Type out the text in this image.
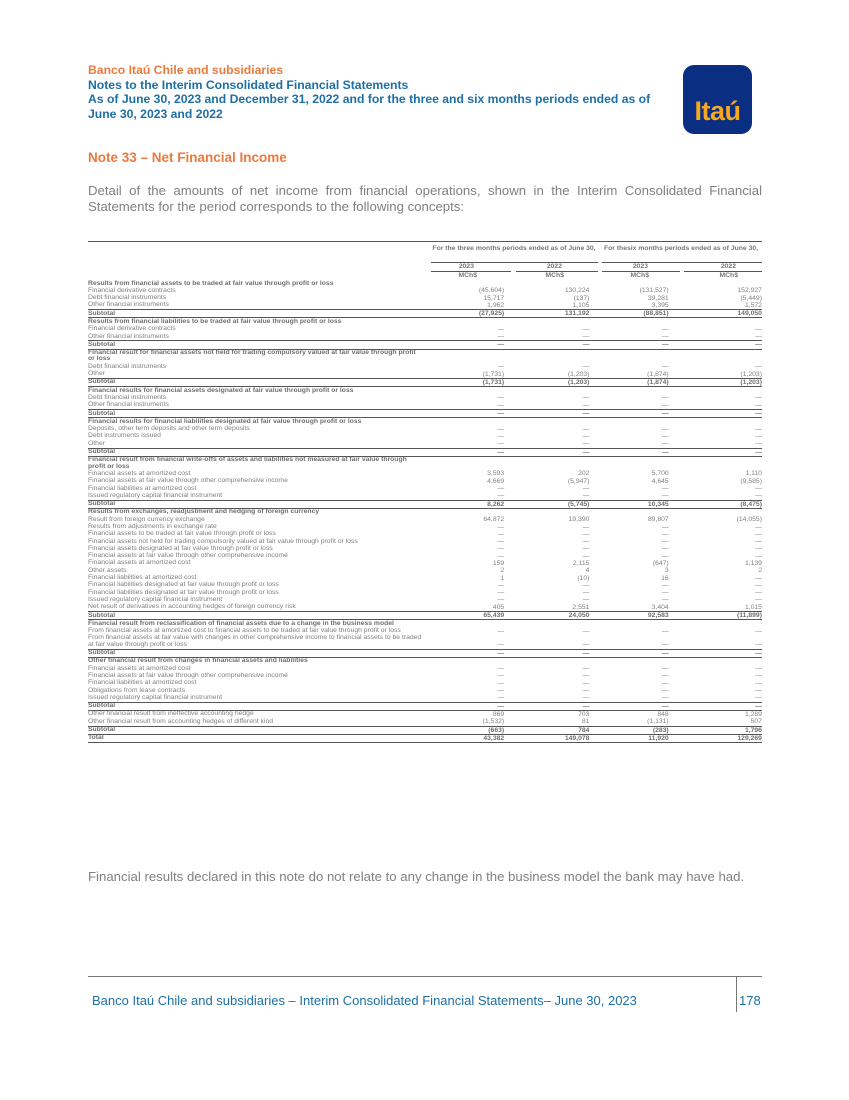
Banco Itaú Chile and subsidiaries
Notes to the Interim Consolidated Financial Statements
As of June 30, 2023 and December 31, 2022 and for the three and six months periods ended as of June 30, 2023 and 2022	Itaú
Note 33 – Net Financial Income
Detail of the amounts of net income from financial operations, shown in the Interim Consolidated Financial Statements for the period corresponds to the following concepts:
For the three months periods ended as of June 30,	For thesix months periods ended as of June 30,
2023	2022	2023	2022
MCh$	MCh$	MCh$	MCh$
Results from financial assets to be traded at fair value through profit or loss
Financial derivative contracts	(45,604)	130,224	(131,527)	152,927
Debt financial instruments	15,717	(137)	39,281	(5,449)
Other financial instruments	1,962	1,105	3,395	1,572
Subtotal	(27,925)	131,192	(88,851)	149,050
Results from financial liabilities to be traded at fair value through profit or loss
Financial derivative contracts	—	—	—	—
Other financial instruments	—	—	—	—
Subtotal	—	—	—	—
Financial result for financial assets not held for trading compulsory valued at fair value through profit or loss
Debt financial instruments	—	—	—	—
Other	(1,731)	(1,203)	(1,874)	(1,203)
Subtotal	(1,731)	(1,203)	(1,874)	(1,203)
Financial results for financial assets designated at fair value through profit or loss
Debt financial instruments	—	—	—	—
Other financial instruments	—	—	—	—
Subtotal	—	—	—	—
Financial results for financial liabilities designated at fair value through profit or loss
Deposits, other term deposits and other term deposits	—	—	—	—
Debt instruments issued	—	—	—	—
Other	—	—	—	—
Subtotal	—	—	—	—
Financial result from financial write-offs of assets and liabilities not measured at fair value through profit or loss
Financial assets at amortized cost	3,593	202	5,700	1,110
Financial assets at fair value through other comprehensive income	4,669	(5,947)	4,645	(9,585)
Financial liabilities at amortized cost	—	—	—	—
Issued regulatory capital financial instrument	—	—	—	—
Subtotal	8,262	(5,745)	10,345	(8,475)
Results from exchanges, readjustment and hedging of foreign currency
Result from foreign currency exchange	64,872	19,390	89,807	(14,055)
Results from adjustments in exchange rate	—	—	—	—
Financial assets to be traded at fair value through profit or loss	—	—	—	—
Financial assets not held for trading compulsorily valued at fair value through profit or loss	—	—	—	—
Financial assets designated at fair value through profit or loss	—	—	—	—
Financial assets at fair value through other comprehensive income	—	—	—	—
Financial assets at amortized cost	159	2,115	(647)	1,139
Other assets	2	4	3	2
Financial liabilities at amortized cost	1	(10)	16	—
Financial liabilities designated at fair value through profit or loss	—	—	—	—
Financial liabilities designated at fair value through profit or loss	—	—	—	—
Issued regulatory capital financial instrument	—	—	—	—
Net result of derivatives in accounting hedges of foreign currency risk	405	2,551	3,404	1,015
Subtotal	65,439	24,050	92,583	(11,899)
Financial result from reclassification of financial assets due to a change in the business model
From financial assets at amortized cost to financial assets to be traded at fair value through profit or loss	—	—	—	—
From financial assets at fair value with changes in other comprehensive income to financial assets to be traded at fair value through profit or loss	—	—	—	—
Subtotal	—	—	—	—
Other financial result from changes in financial assets and liabilities
Financial assets at amortized cost	—	—	—	—
Financial assets at fair value through other comprehensive income	—	—	—	—
Financial liabilities at amortized cost	—	—	—	—
Obligations from lease contracts	—	—	—	—
Issued regulatory capital financial instrument	—	—	—	—
Subtotal	—	—	—	—
Other financial result from ineffective accounting hedge	869	703	848	1,289
Other financial result from accounting hedges of different kind	(1,532)	81	(1,131)	507
Subtotal	(663)	784	(283)	1,796
Total	43,382	149,078	11,920	129,269
Financial results declared in this note do not relate to any change in the business model the bank may have had.
Banco Itaú Chile and subsidiaries – Interim Consolidated Financial Statements– June 30, 2023	178
